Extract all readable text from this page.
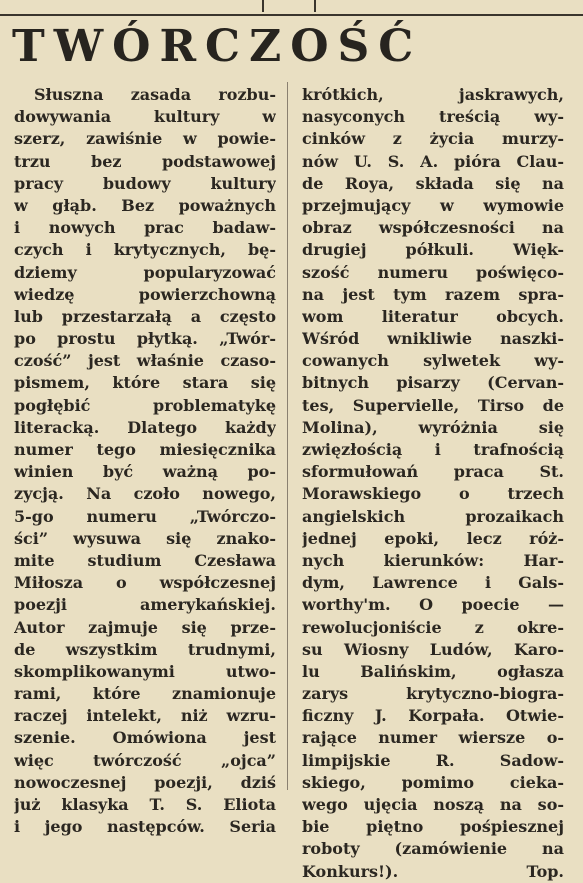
TWÓRCZOŚĆ
Słuszna zasada rozbu-
dowywania kultury w
szerz, zawiśnie w powie-
trzu bez podstawowej
pracy budowy kultury
w głąb. Bez poważnych
i nowych prac badaw-
czych i krytycznych, bę-
dziemy popularyzować
wiedzę powierzchowną
lub przestarzałą a często
po prostu płytką. „Twór-
czość” jest właśnie czaso-
pismem, które stara się
pogłębić problematykę
literacką. Dlatego każdy
numer tego miesięcznika
winien być ważną po-
zycją. Na czoło nowego,
5-go numeru „Twórczo-
ści” wysuwa się znako-
mite studium Czesława
Miłosza o współczesnej
poezji amerykańskiej.
Autor zajmuje się prze-
de wszystkim trudnymi,
skomplikowanymi utwo-
rami, które znamionuje
raczej intelekt, niż wzru-
szenie. Omówiona jest
więc twórczość „ojca”
nowoczesnej poezji, dziś
już klasyka T. S. Eliota
i jego następców. Seria
krótkich, jaskrawych,
nasyconych treścią wy-
cinków z życia murzy-
nów U. S. A. pióra Clau-
de Roya, składa się na
przejmujący w wymowie
obraz współczesności na
drugiej półkuli. Więk-
szość numeru poświęco-
na jest tym razem spra-
wom literatur obcych.
Wśród wnikliwie naszki-
cowanych sylwetek wy-
bitnych pisarzy (Cervan-
tes, Supervielle, Tirso de
Molina), wyróżnia się
zwięzłością i trafnością
sformułowań praca St.
Morawskiego o trzech
angielskich prozaikach
jednej epoki, lecz róż-
nych kierunków: Har-
dym, Lawrence i Gals-
worthy'm. O poecie —
rewolucjoniście z okre-
su Wiosny Ludów, Karo-
lu Balińskim, ogłasza
zarys krytyczno-biogra-
ficzny J. Korpała. Otwie-
rające numer wiersze o-
limpijskie R. Sadow-
skiego, pomimo cieka-
wego ujęcia noszą na so-
bie piętno pośpiesznej
roboty (zamówienie na
Konkurs!). Top.
